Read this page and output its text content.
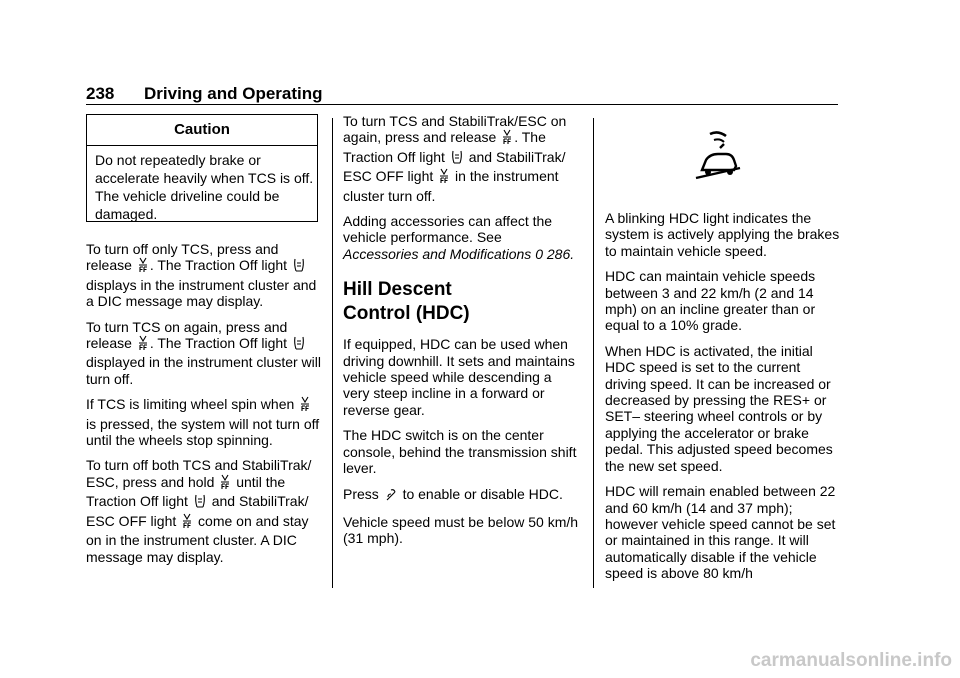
238 Driving and Operating
Caution
Do not repeatedly brake or accelerate heavily when TCS is off. The vehicle driveline could be damaged.

To turn off only TCS, press and release . The Traction Off light  displays in the instrument cluster and a DIC message may display.

To turn TCS on again, press and release . The Traction Off light  displayed in the instrument cluster will turn off.

If TCS is limiting wheel spin when  is pressed, the system will not turn off until the wheels stop spinning.

To turn off both TCS and StabiliTrak/ ESC, press and hold until the Traction Off light and StabiliTrak/ ESC OFF light come on and stay on in the instrument cluster. A DIC message may display.

To turn TCS and StabiliTrak/ESC on again, press and release . The Traction Off light and StabiliTrak/ ESC OFF light in the instrument cluster turn off.

Adding accessories can affect the vehicle performance. See Accessories and Modifications 0 286.

Hill Descent Control (HDC)

If equipped, HDC can be used when driving downhill. It sets and maintains vehicle speed while descending a very steep incline in a forward or reverse gear.

The HDC switch is on the center console, behind the transmission shift lever.

Press to enable or disable HDC.

Vehicle speed must be below 50 km/h (31 mph).

A blinking HDC light indicates the system is actively applying the brakes to maintain vehicle speed.

HDC can maintain vehicle speeds between 3 and 22 km/h (2 and 14 mph) on an incline greater than or equal to a 10% grade.

When HDC is activated, the initial HDC speed is set to the current driving speed. It can be increased or decreased by pressing the RES+ or SET– steering wheel controls or by applying the accelerator or brake pedal. This adjusted speed becomes the new set speed.

HDC will remain enabled between 22 and 60 km/h (14 and 37 mph); however vehicle speed cannot be set or maintained in this range. It will automatically disable if the vehicle speed is above 80 km/h

carmanualsonline.info
